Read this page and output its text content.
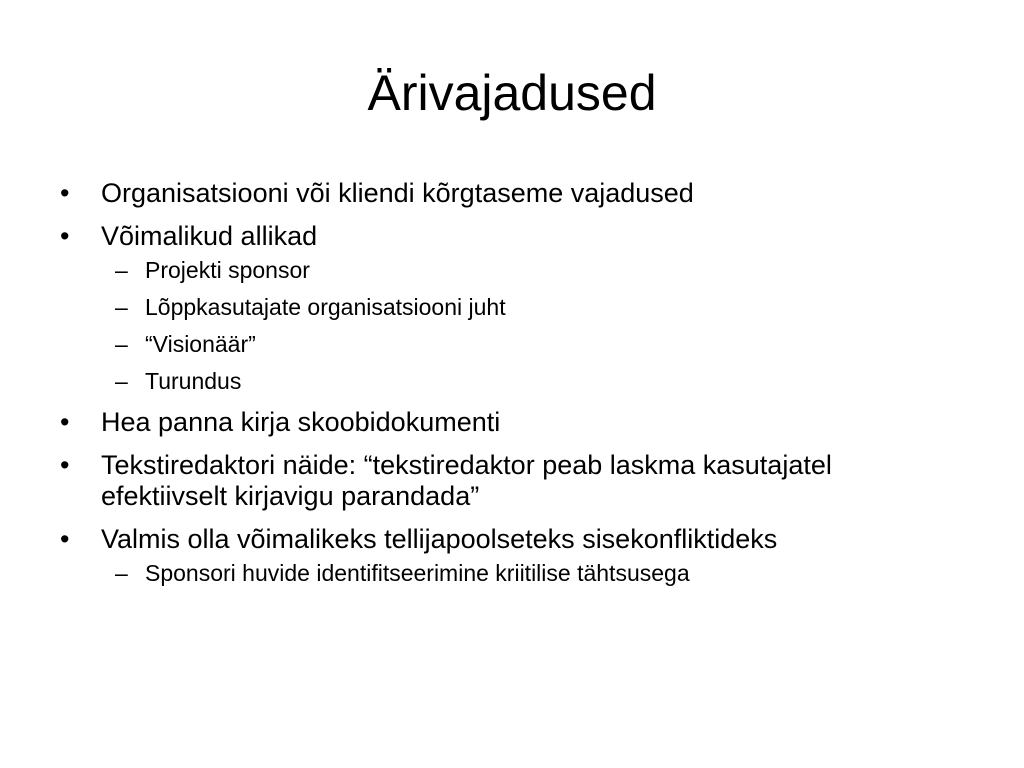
Ärivajadused
•	Organisatsiooni või kliendi kõrgtaseme vajadused
•	Võimalikud allikad
– Projekti sponsor
– Lõppkasutajate organisatsiooni juht
– “Visionäär”
– Turundus
•	Hea panna kirja skoobidokumenti
•	Tekstiredaktori näide: “tekstiredaktor peab laskma kasutajatel efektiivselt kirjavigu parandada”
•	Valmis olla võimalikeks tellijapoolseteks sisekonfliktideks
– Sponsori huvide identifitseerimine kriitilise tähtsusega
